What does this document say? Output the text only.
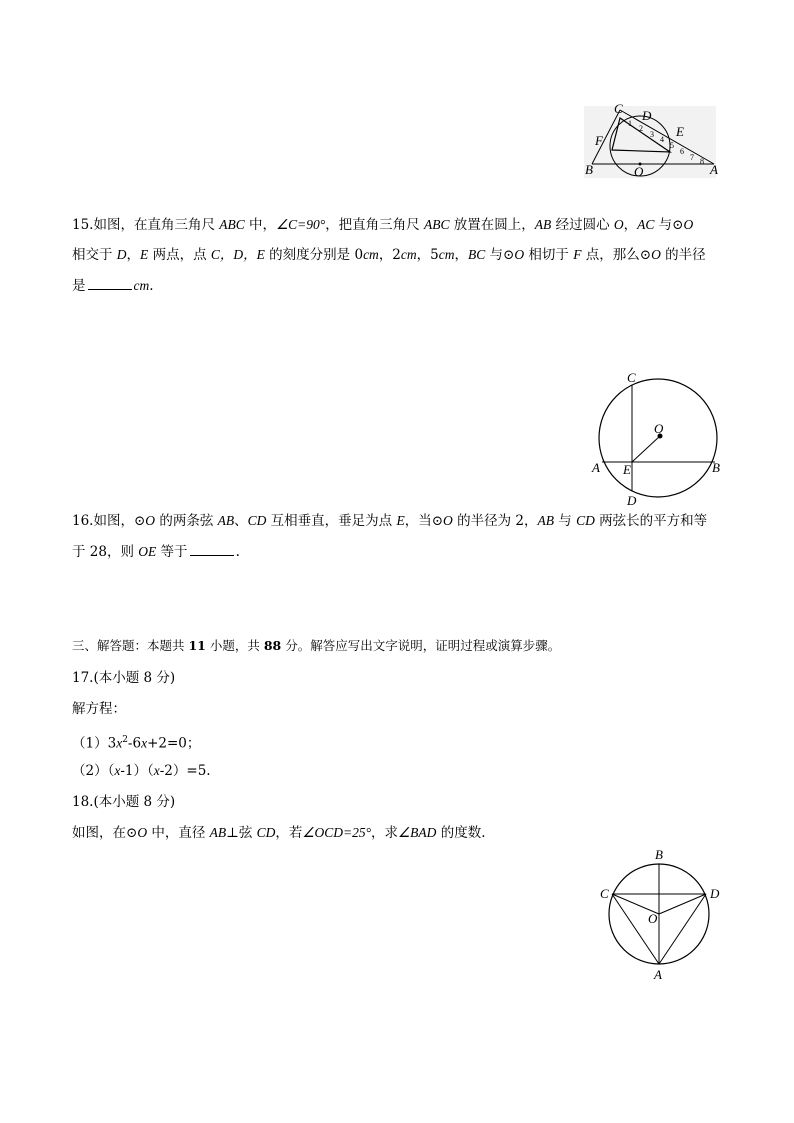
C D
E
F
B	O	A
1
2
3
4
5
6
7 8
15.如图，在直角三角尺 ABC 中，∠C=90°，把直角三角尺 ABC 放置在圆上，AB 经过圆心 O，AC 与⊙O
相交于 D，E 两点，点 C，D，E 的刻度分别是 0cm，2cm，5cm，BC 与⊙O 相切于 F 点，那么⊙O 的半径
是	cm.
C
O
A E	B
D
16.如图，⊙O 的两条弦 AB、CD 互相垂直，垂足为点 E，当⊙O 的半径为 2，AB 与 CD 两弦长的平方和等
于 28，则 OE 等于	.
三、解答题：本题共 11 小题，共 88 分。解答应写出文字说明，证明过程或演算步骤。
17.(本小题 8 分)
解方程：
$(1)3x^2-6x+2=0$；
（2）（x-1）（x-2）=5.
18.(本小题 8 分)
如图，在⊙O 中，直径 AB⊥弦 CD，若∠OCD=25°，求∠BAD 的度数.
B
C	D
O
A
